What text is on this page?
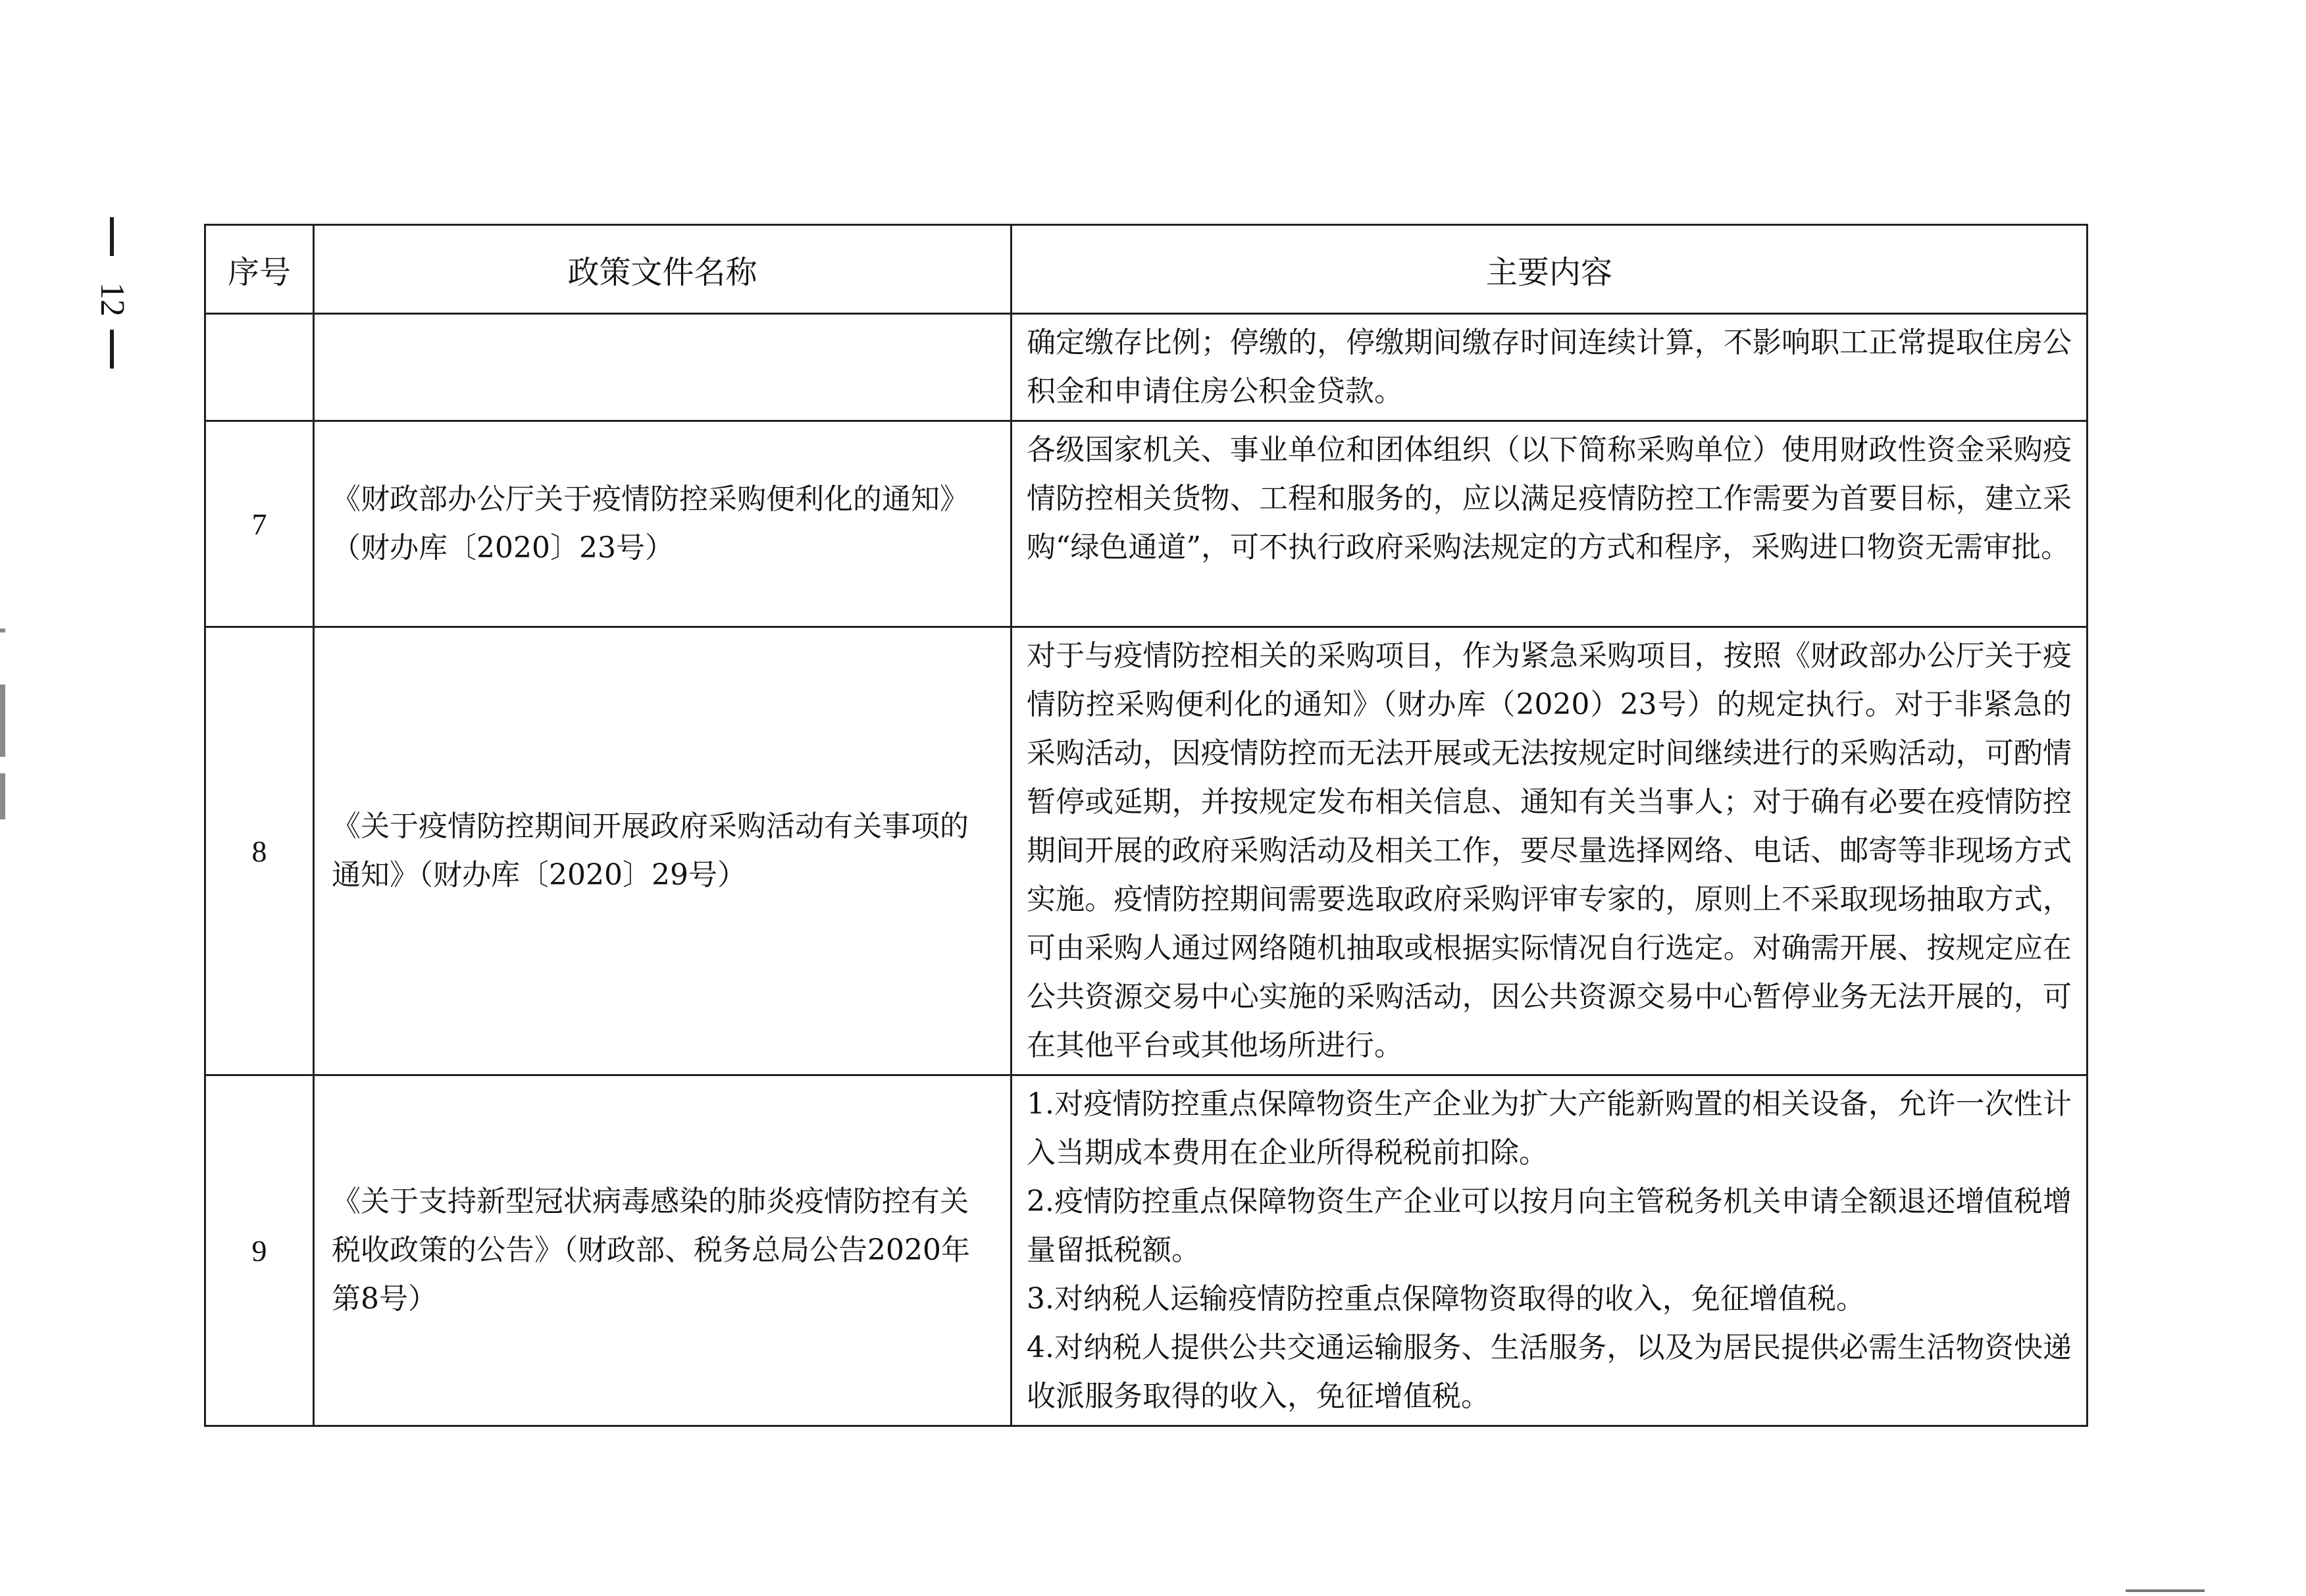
12
序号	政策文件名称	主要内容

		确定缴存比例；停缴的，停缴期间缴存时间连续计算，不影响职工正常提取住房公积金和申请住房公积金贷款。

7	《财政部办公厅关于疫情防控采购便利化的通知》（财办库〔2020〕23号）	各级国家机关、事业单位和团体组织（以下简称采购单位）使用财政性资金采购疫情防控相关货物、工程和服务的，应以满足疫情防控工作需要为首要目标，建立采购“绿色通道”，可不执行政府采购法规定的方式和程序，采购进口物资无需审批。

8	《关于疫情防控期间开展政府采购活动有关事项的通知》（财办库〔2020〕29号）	对于与疫情防控相关的采购项目，作为紧急采购项目，按照《财政部办公厅关于疫情防控采购便利化的通知》（财办库（2020）23号）的规定执行。对于非紧急的采购活动，因疫情防控而无法开展或无法按规定时间继续进行的采购活动，可酌情暂停或延期，并按规定发布相关信息、通知有关当事人；对于确有必要在疫情防控期间开展的政府采购活动及相关工作，要尽量选择网络、电话、邮寄等非现场方式实施。疫情防控期间需要选取政府采购评审专家的，原则上不采取现场抽取方式，可由采购人通过网络随机抽取或根据实际情况自行选定。对确需开展、按规定应在公共资源交易中心实施的采购活动，因公共资源交易中心暂停业务无法开展的，可在其他平台或其他场所进行。

9	《关于支持新型冠状病毒感染的肺炎疫情防控有关税收政策的公告》（财政部、税务总局公告2020年第8号）	1.对疫情防控重点保障物资生产企业为扩大产能新购置的相关设备，允许一次性计入当期成本费用在企业所得税税前扣除。

2.疫情防控重点保障物资生产企业可以按月向主管税务机关申请全额退还增值税增量留抵税额。

3.对纳税人运输疫情防控重点保障物资取得的收入，免征增值税。

4.对纳税人提供公共交通运输服务、生活服务，以及为居民提供必需生活物资快递收派服务取得的收入，免征增值税。
